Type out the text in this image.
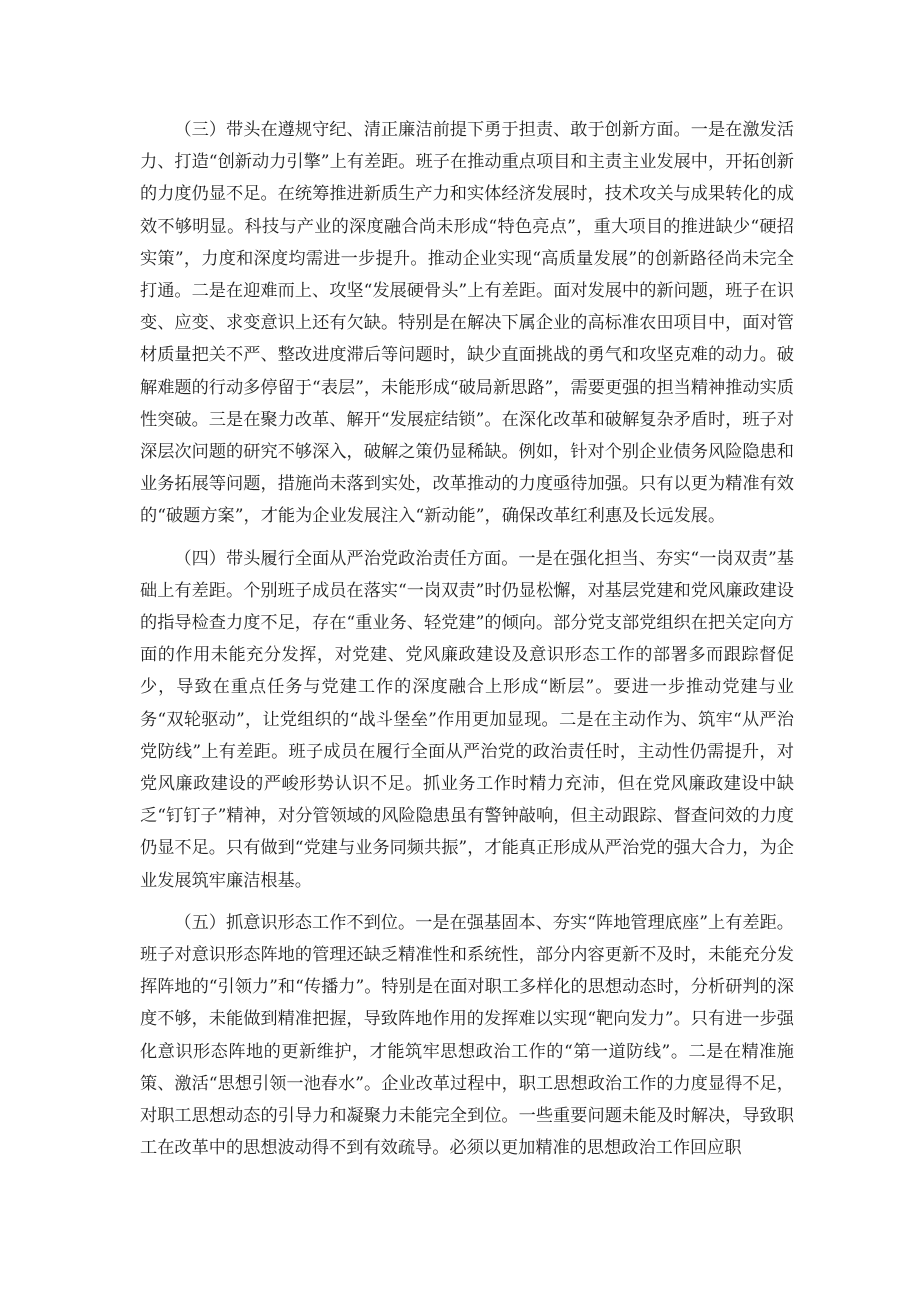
（三）带头在遵规守纪、清正廉洁前提下勇于担责、敢于创新方面。一是在激发活力、打造“创新动力引擎”上有差距。班子在推动重点项目和主责主业发展中，开拓创新的力度仍显不足。在统筹推进新质生产力和实体经济发展时，技术攻关与成果转化的成效不够明显。科技与产业的深度融合尚未形成“特色亮点”，重大项目的推进缺少“硬招实策”，力度和深度均需进一步提升。推动企业实现“高质量发展”的创新路径尚未完全打通。二是在迎难而上、攻坚“发展硬骨头”上有差距。面对发展中的新问题，班子在识变、应变、求变意识上还有欠缺。特别是在解决下属企业的高标准农田项目中，面对管材质量把关不严、整改进度滞后等问题时，缺少直面挑战的勇气和攻坚克难的动力。破解难题的行动多停留于“表层”，未能形成“破局新思路”，需要更强的担当精神推动实质性突破。三是在聚力改革、解开“发展症结锁”。在深化改革和破解复杂矛盾时，班子对深层次问题的研究不够深入，破解之策仍显稀缺。例如，针对个别企业债务风险隐患和业务拓展等问题，措施尚未落到实处，改革推动的力度亟待加强。只有以更为精准有效的“破题方案”，才能为企业发展注入“新动能”，确保改革红利惠及长远发展。

（四）带头履行全面从严治党政治责任方面。一是在强化担当、夯实“一岗双责”基础上有差距。个别班子成员在落实“一岗双责”时仍显松懈，对基层党建和党风廉政建设的指导检查力度不足，存在“重业务、轻党建”的倾向。部分党支部党组织在把关定向方面的作用未能充分发挥，对党建、党风廉政建设及意识形态工作的部署多而跟踪督促少，导致在重点任务与党建工作的深度融合上形成“断层”。要进一步推动党建与业务“双轮驱动”，让党组织的“战斗堡垒”作用更加显现。二是在主动作为、筑牢“从严治党防线”上有差距。班子成员在履行全面从严治党的政治责任时，主动性仍需提升，对党风廉政建设的严峻形势认识不足。抓业务工作时精力充沛，但在党风廉政建设中缺乏“钉钉子”精神，对分管领域的风险隐患虽有警钟敲响，但主动跟踪、督查问效的力度仍显不足。只有做到“党建与业务同频共振”，才能真正形成从严治党的强大合力，为企业发展筑牢廉洁根基。

（五）抓意识形态工作不到位。一是在强基固本、夯实“阵地管理底座”上有差距。班子对意识形态阵地的管理还缺乏精准性和系统性，部分内容更新不及时，未能充分发挥阵地的“引领力”和“传播力”。特别是在面对职工多样化的思想动态时，分析研判的深度不够，未能做到精准把握，导致阵地作用的发挥难以实现“靶向发力”。只有进一步强化意识形态阵地的更新维护，才能筑牢思想政治工作的“第一道防线”。二是在精准施策、激活“思想引领一池春水”。企业改革过程中，职工思想政治工作的力度显得不足，对职工思想动态的引导力和凝聚力未能完全到位。一些重要问题未能及时解决，导致职工在改革中的思想波动得不到有效疏导。必须以更加精准的思想政治工作回应职
